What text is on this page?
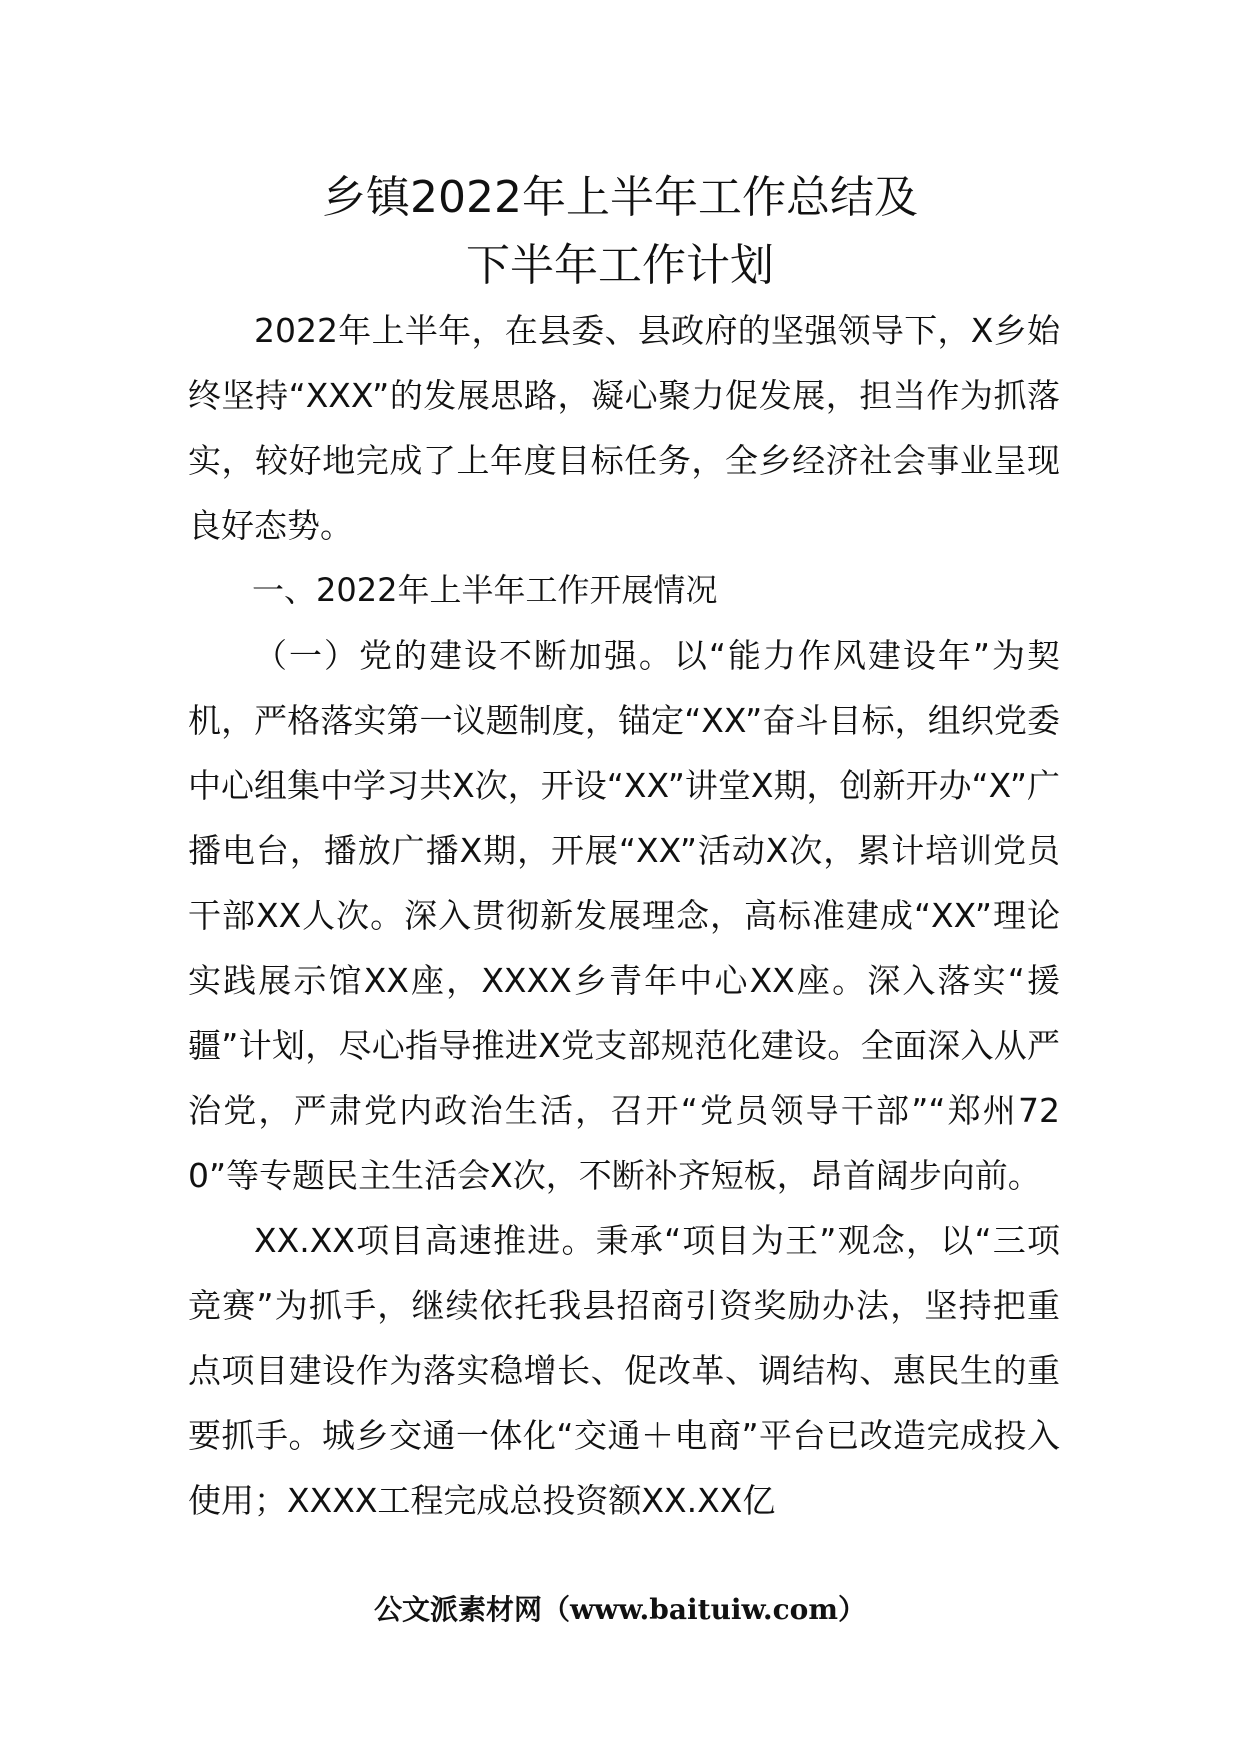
乡镇2022年上半年工作总结及
下半年工作计划

2022年上半年，在县委、县政府的坚强领导下，X乡始终坚持“XXX”的发展思路，凝心聚力促发展，担当作为抓落实，较好地完成了上年度目标任务，全乡经济社会事业呈现良好态势。

一、2022年上半年工作开展情况

（一）党的建设不断加强。以“能力作风建设年”为契机，严格落实第一议题制度，锚定“XX”奋斗目标，组织党委中心组集中学习共X次，开设“XX”讲堂X期，创新开办“X”广播电台，播放广播X期，开展“XX”活动X次，累计培训党员干部XX人次。深入贯彻新发展理念，高标准建成“XX”理论实践展示馆XX座，XXXX乡青年中心XX座。深入落实“援疆”计划，尽心指导推进X党支部规范化建设。全面深入从严治党，严肃党内政治生活，召开“党员领导干部”“郑州720”等专题民主生活会X次，不断补齐短板，昂首阔步向前。

XX.XX项目高速推进。秉承“项目为王”观念，以“三项竞赛”为抓手，继续依托我县招商引资奖励办法，坚持把重点项目建设作为落实稳增长、促改革、调结构、惠民生的重要抓手。城乡交通一体化“交通＋电商”平台已改造完成投入使用；XXXX工程完成总投资额XX.XX亿

公文派素材网（www.baituiw.com）
